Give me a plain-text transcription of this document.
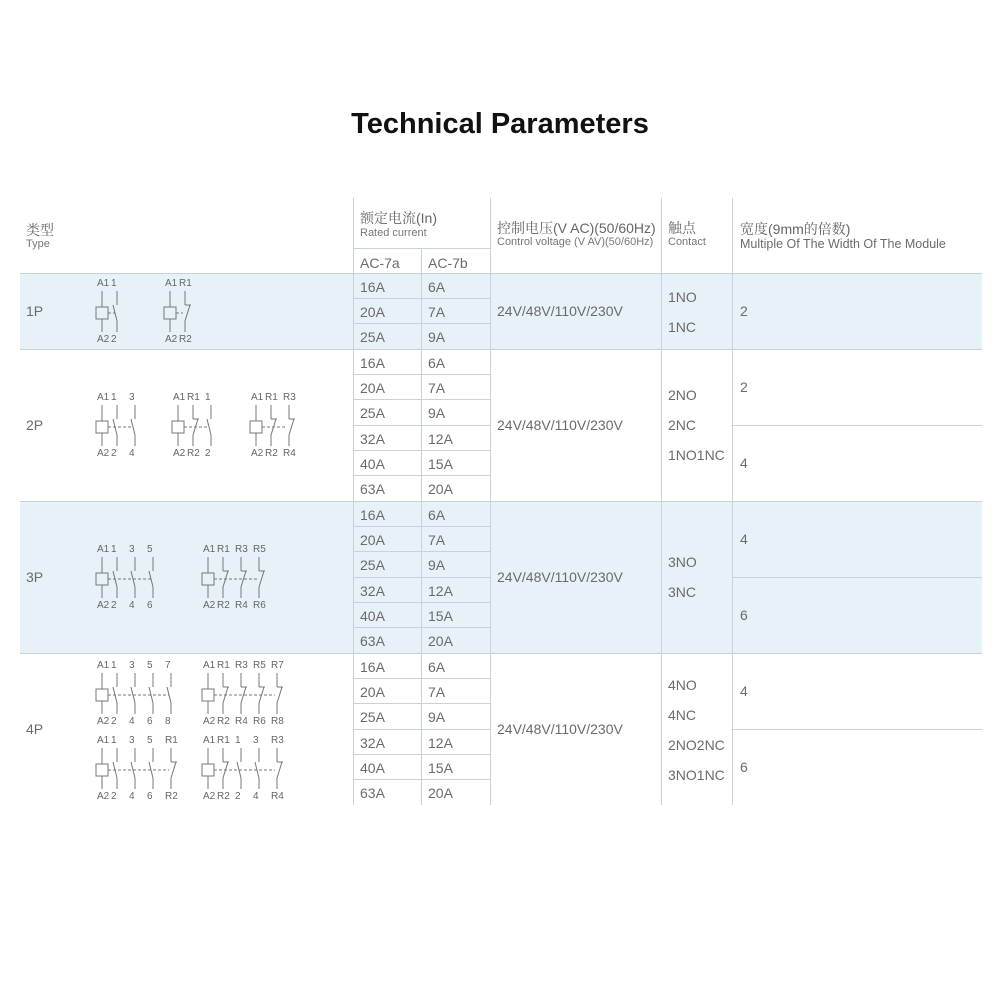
Technical Parameters
类型
Type
额定电流(In)
Rated current
AC-7a AC-7b
控制电压(V AC)(50/60Hz)
Control voltage (V AV)(50/60Hz)
触点
Contact
宽度(9mm的倍数)
Multiple Of The Width Of The Module
1P
16A
20A
25A
6A
7A
9A
24V/48V/110V/230V
1NO
1NC
2
2P
16A
20A
25A
32A
40A
63A
6A
7A
9A
12A
15A
20A
24V/48V/110V/230V
2NO
2NC
1NO1NC
2
4
3P
16A
20A
25A
32A
40A
63A
6A
7A
9A
12A
15A
20A
24V/48V/110V/230V
3NO
3NC
4
6
4P
16A
20A
25A
32A
40A
63A
6A
7A
9A
12A
15A
20A
24V/48V/110V/230V
4NO
4NC
2NO2NC
3NO1NC
4
6
A1 1
A2 2
A1 R1
A2 R2
A1 1 3
A2 2 4
A1 R1 1
A2 R2 2
A1 R1 R3
A2 R2 R4
A1 1 3 5
A2 2 4 6
A1 R1 R3 R5
A2 R2 R4 R6
A1 1 3 5 7
A2 2 4 6 8
A1 R1 R3 R5 R7
A2 R2 R4 R6 R8
A1 1 3 5 R1
A2 2 4 6 R2
A1 R1 1 3 R3
A2 R2 2 4 R4
